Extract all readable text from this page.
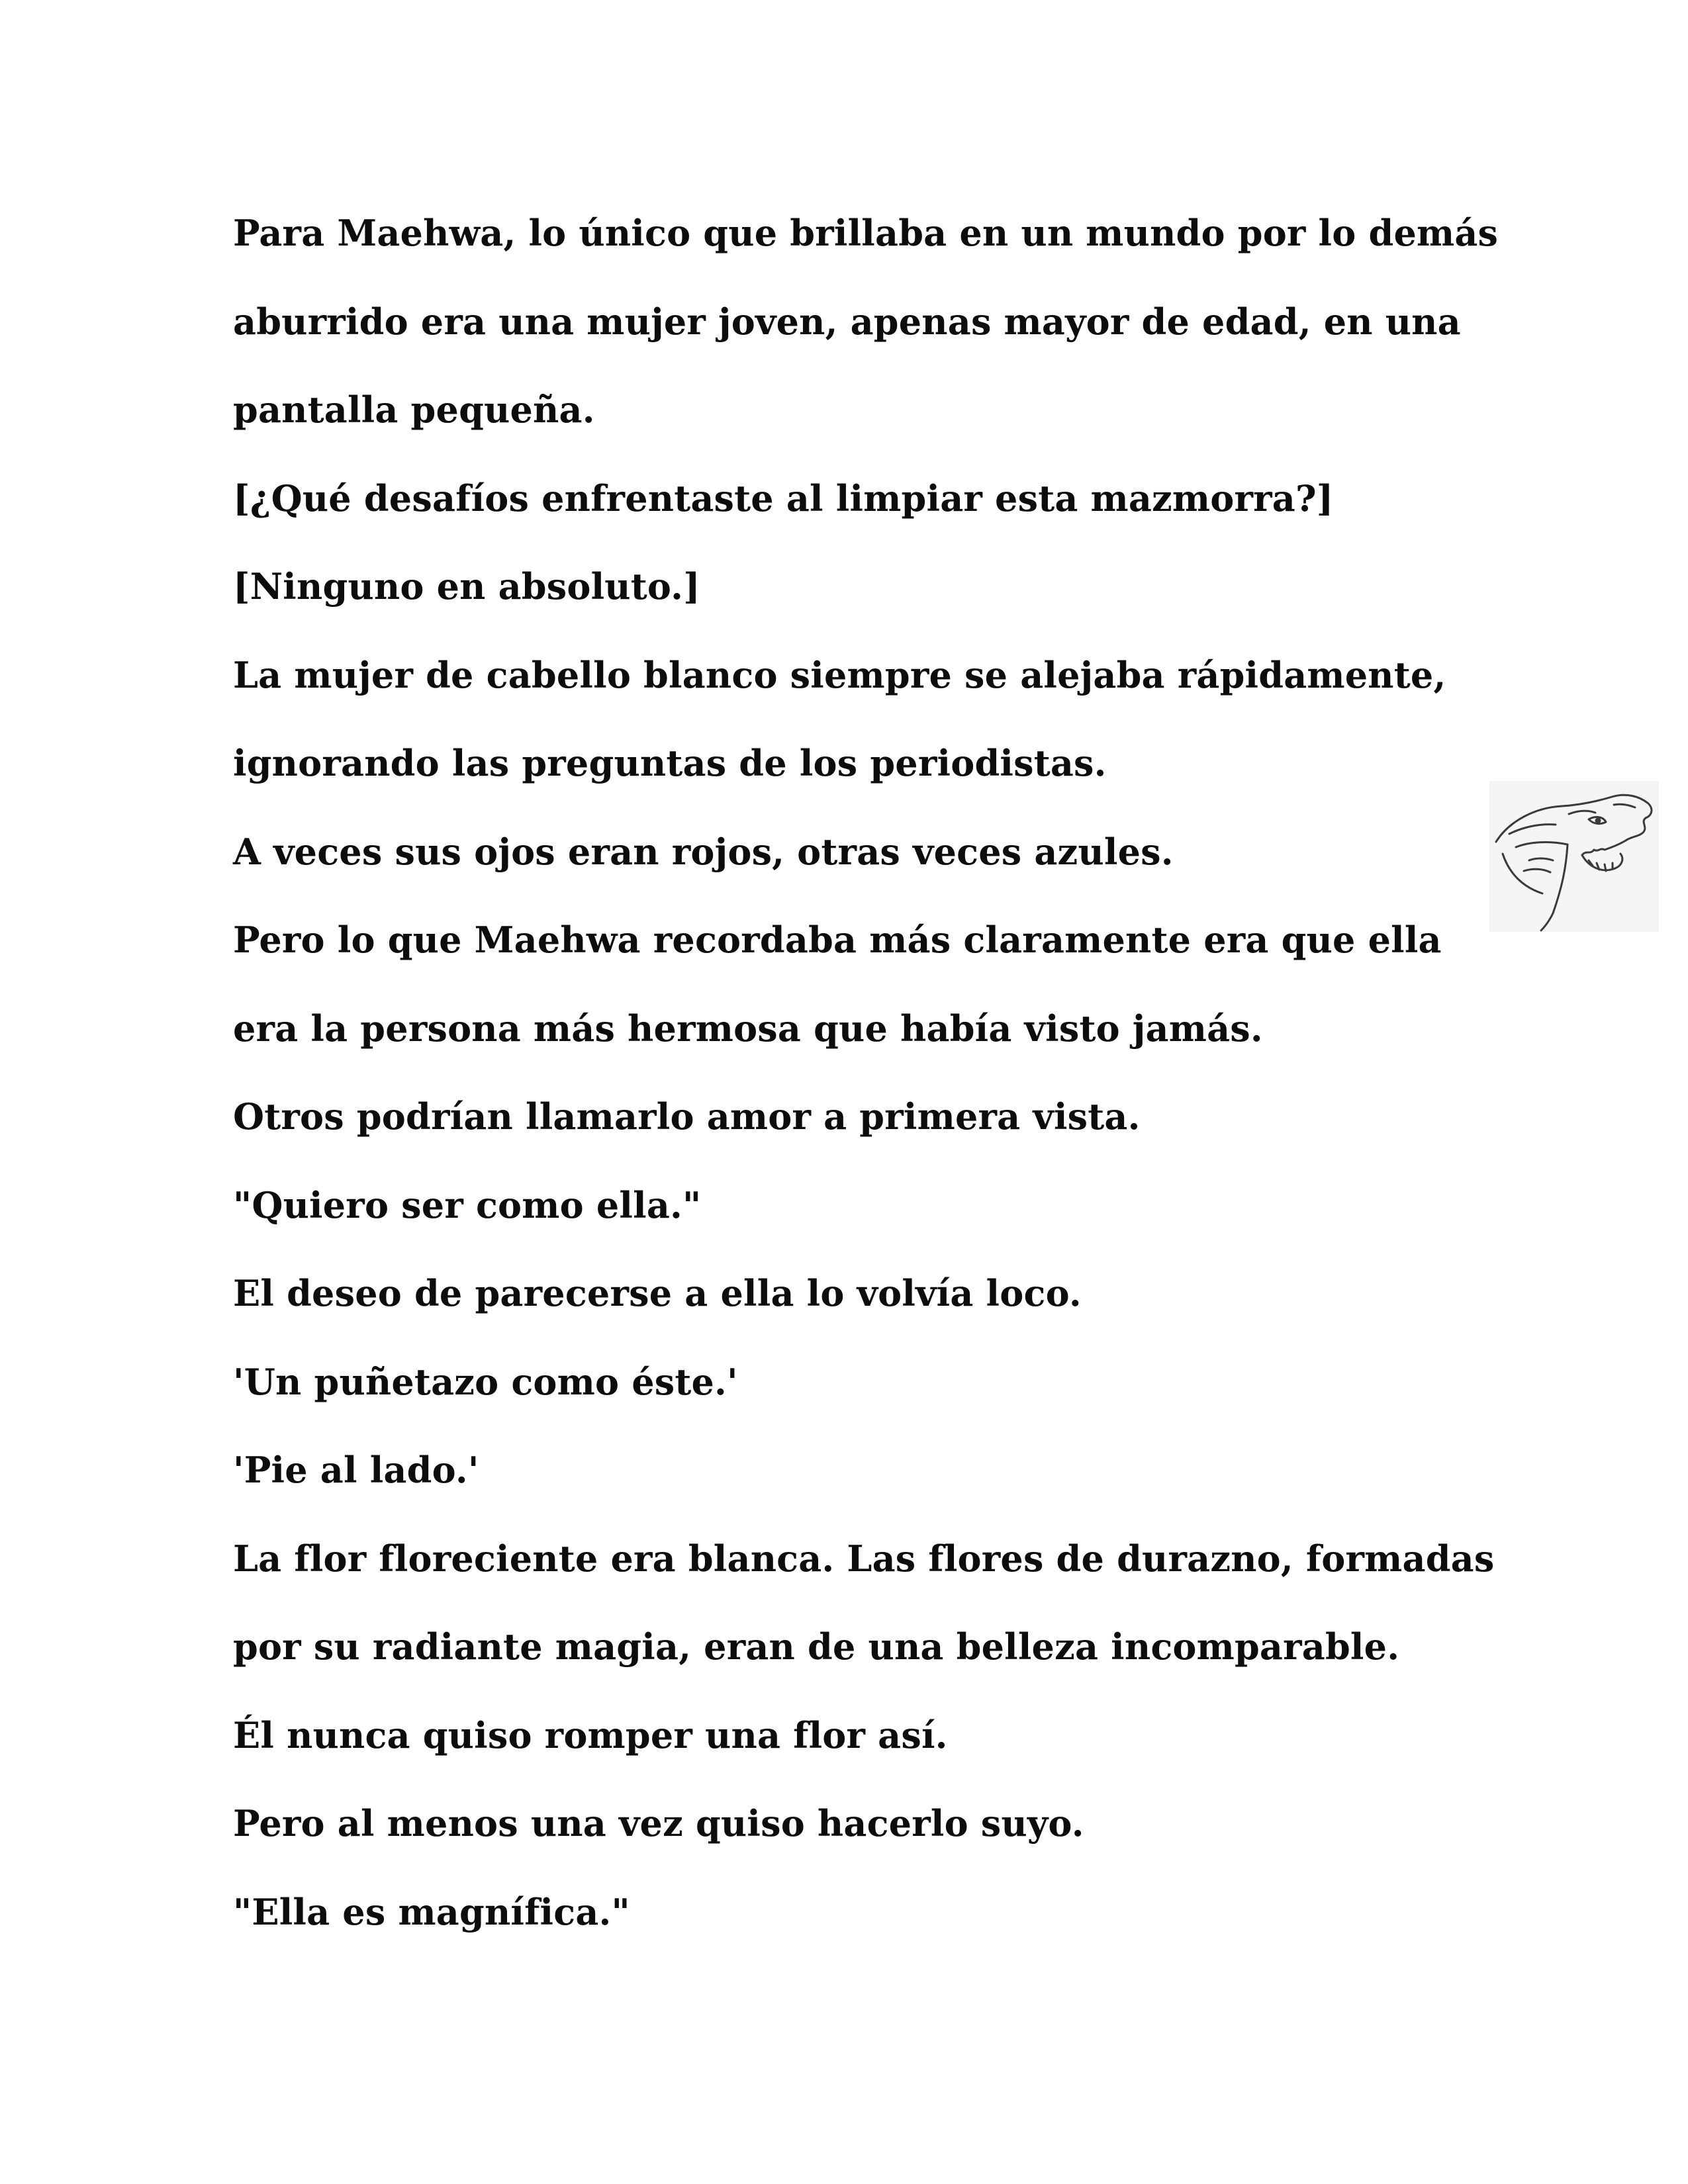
Para Maehwa, lo único que brillaba en un mundo por lo demás
aburrido era una mujer joven, apenas mayor de edad, en una
pantalla pequeña.
[¿Qué desafíos enfrentaste al limpiar esta mazmorra?]
[Ninguno en absoluto.]
La mujer de cabello blanco siempre se alejaba rápidamente,
ignorando las preguntas de los periodistas.
A veces sus ojos eran rojos, otras veces azules.
Pero lo que Maehwa recordaba más claramente era que ella
era la persona más hermosa que había visto jamás.
Otros podrían llamarlo amor a primera vista.
"Quiero ser como ella."
El deseo de parecerse a ella lo volvía loco.
'Un puñetazo como éste.'
'Pie al lado.'
La flor floreciente era blanca. Las flores de durazno, formadas
por su radiante magia, eran de una belleza incomparable.
Él nunca quiso romper una flor así.
Pero al menos una vez quiso hacerlo suyo.
"Ella es magnífica."
